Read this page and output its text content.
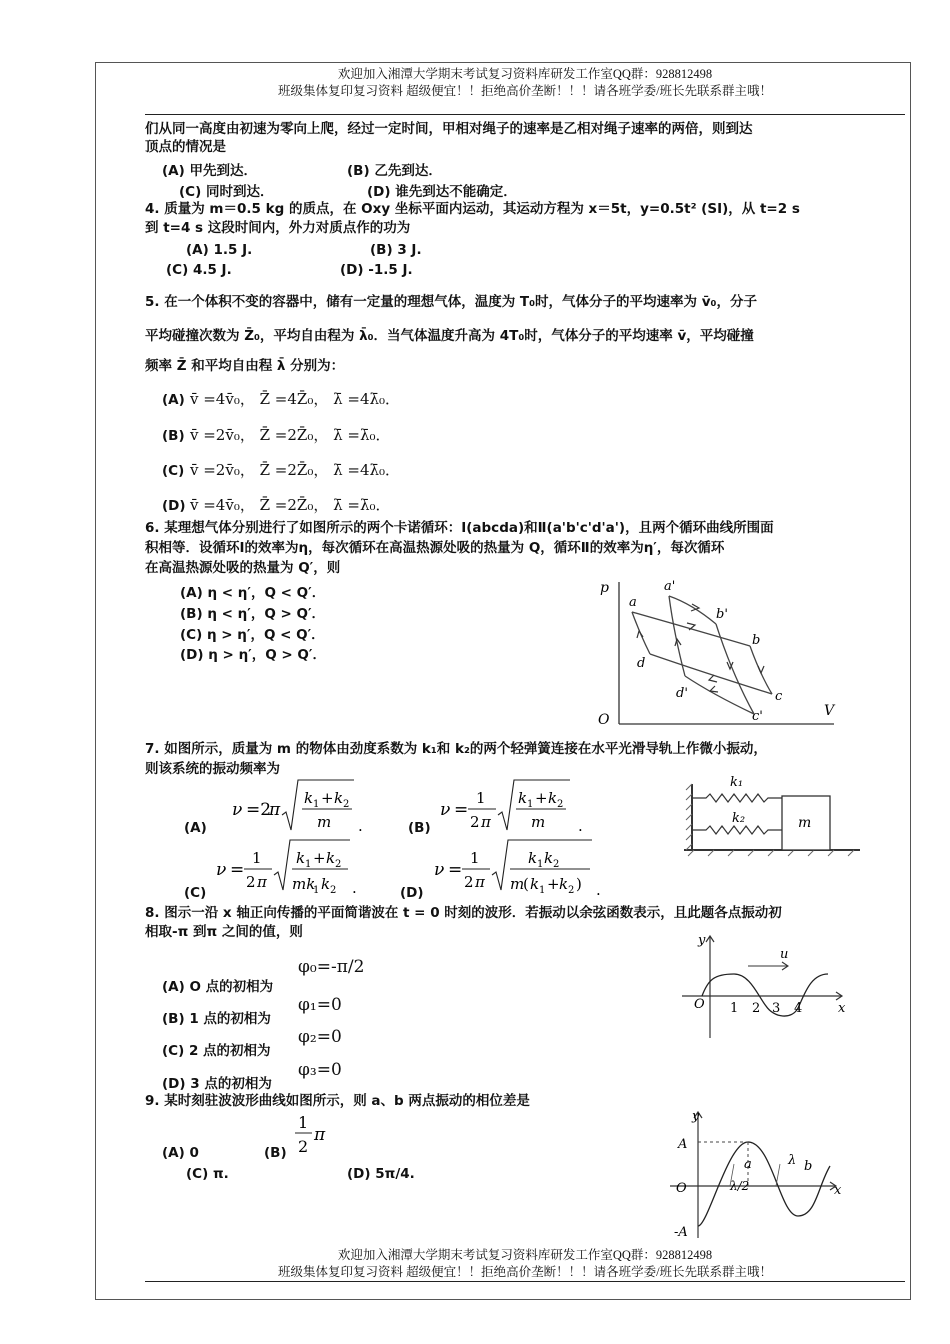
欢迎加入湘潭大学期末考试复习资料库研发工作室QQ群：928812498
班级集体复印复习资料 超级便宜！！拒绝高价垄断！！！请各班学委/班长先联系群主哦！
们从同一高度由初速为零向上爬，经过一定时间，甲相对绳子的速率是乙相对绳子速率的两倍，则到达
顶点的情况是
(A) 甲先到达．	(B) 乙先到达．
(C) 同时到达．	(D) 谁先到达不能确定．
4. 质量为 m＝0.5 kg 的质点，在 Oxy 坐标平面内运动，其运动方程为 x＝5t，y=0.5t² (SI)，从 t=2 s
到 t=4 s 这段时间内，外力对质点作的功为
(A) 1.5 J.	(B) 3 J.
(C) 4.5 J.	(D) -1.5 J.
5. 在一个体积不变的容器中，储有一定量的理想气体，温度为 T₀时，气体分子的平均速率为 v̄₀，分子
平均碰撞次数为 Z̄₀，平均自由程为 λ̄₀．当气体温度升高为 4T₀时，气体分子的平均速率 v̄，平均碰撞
频率 Z̄ 和平均自由程 λ̄ 分别为：
(A) v̄ =4v̄₀， Z̄ =4Z̄₀， λ̄ =4λ̄₀．
(B) v̄ =2v̄₀， Z̄ =2Z̄₀， λ̄ =λ̄₀．
(C) v̄ =2v̄₀， Z̄ =2Z̄₀， λ̄ =4λ̄₀．
(D) v̄ =4v̄₀， Z̄ =2Z̄₀， λ̄ =λ̄₀．
6. 某理想气体分别进行了如图所示的两个卡诺循环：Ⅰ(abcda)和Ⅱ(a'b'c'd'a')，且两个循环曲线所围面
积相等．设循环Ⅰ的效率为η，每次循环在高温热源处吸的热量为 Q，循环Ⅱ的效率为η′，每次循环
在高温热源处吸的热量为 Q′，则
(A) η < η′，Q < Q′．
(B) η < η′，Q > Q′．
(C) η > η′，Q < Q′．
(D) η > η′，Q > Q′．
p
V
O
a
a'
b'
b
c
c'
d
d'
7. 如图所示，质量为 m 的物体由劲度系数为 k₁和 k₂的两个轻弹簧连接在水平光滑导轨上作微小振动，
则该系统的振动频率为
(A)	(B)
(C)	(D)
ν =2
π
k 1 + k 2
m .
ν =
1
2 π
k 1 + k 2
m .
ν =
1
2 π
k 1 + k 2
mk
1 k 2 .
ν =
1
2 π
k 1 k 2
m
( k 1 + k 2 ) .
k₁
k₂	m
8. 图示一沿 x 轴正向传播的平面简谐波在 t = 0 时刻的波形．若振动以余弦函数表示，且此题各点振动初
相取-π 到π 之间的值，则
(A) O 点的初相为
(B) 1 点的初相为
(C) 2 点的初相为
(D) 3 点的初相为
φ₀=-π/2
φ₁=0
φ₂=0
φ₃=0
y
u
O	x
1 2 3 4
9. 某时刻驻波波形曲线如图所示，则 a、b 两点振动的相位差是
(A) 0	(B)
(C) π.	(D) 5π/4.
1
2
π
y
A
-A
O	x
a	b
λ
λ/2
欢迎加入湘潭大学期末考试复习资料库研发工作室QQ群：928812498
班级集体复印复习资料 超级便宜！！拒绝高价垄断！！！请各班学委/班长先联系群主哦！
